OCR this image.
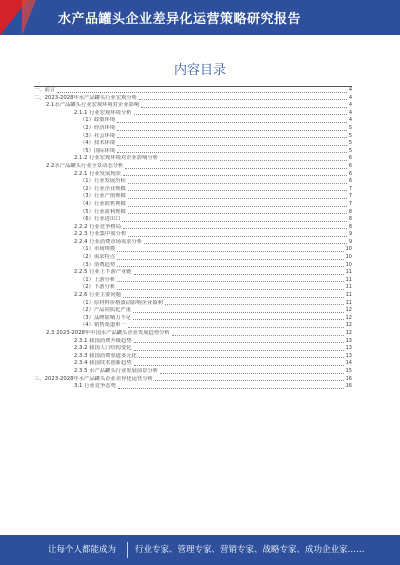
水产品罐头企业差异化运营策略研究报告
内容目录
一、前言	4
二、2023-2028年水产品罐头行业宏观分析	4
2.1水产品罐头行业宏观环境对企业影响	4
2.1.1 行业宏观环境分析	4
（1）政策环境	4
（2）经济环境	5
（3）社会环境	5
（4）技术环境	5
（5）国际环境	5
2.1.2 行业宏观环境对企业影响分析	6
2.2水产品罐头行业全景动态分析	6
2.2.1 行业发展现状	6
（1）行业发展历程	6
（2）行业企业规模	7
（3）行业产值规模	7
（4）行业销售规模	7
（5）行业盈利规模	8
（6）行业进出口	8
2.2.2 行业竞争格局	8
2.2.3 行业集中度分析	9
2.2.4 行业消费市场需求分析	9
（1）市场规模	10
（2）需求特点	10
（3）消费趋势	10
2.2.5 行业上下游产业链	11
（1）上游分析	11
（2）下游分析	11
2.2.6 行业主要问题	11
（1）原材料价格波动影响企业盈利	11
（2）产品同质化严重	12
（3）品牌影响力不足	12
（4）销售渠道单一	12
2.3 2023-2028年中国水产品罐头企业发展趋势分析	12
2.3.1 我国消费升级趋势	13
2.3.2 我国人口结构变化	13
2.3.3 我国消费渠道多元化	13
2.3.4 我国技术创新趋势	14
2.3.5 水产品罐头行业发展前景分析	15
三、2023-2028年水产品罐头企业差异化运营分析	16
3.1 行业竞争态势	16
让每个人都能成为 行业专家、管理专家、营销专家、战略专家、成功企业家……
